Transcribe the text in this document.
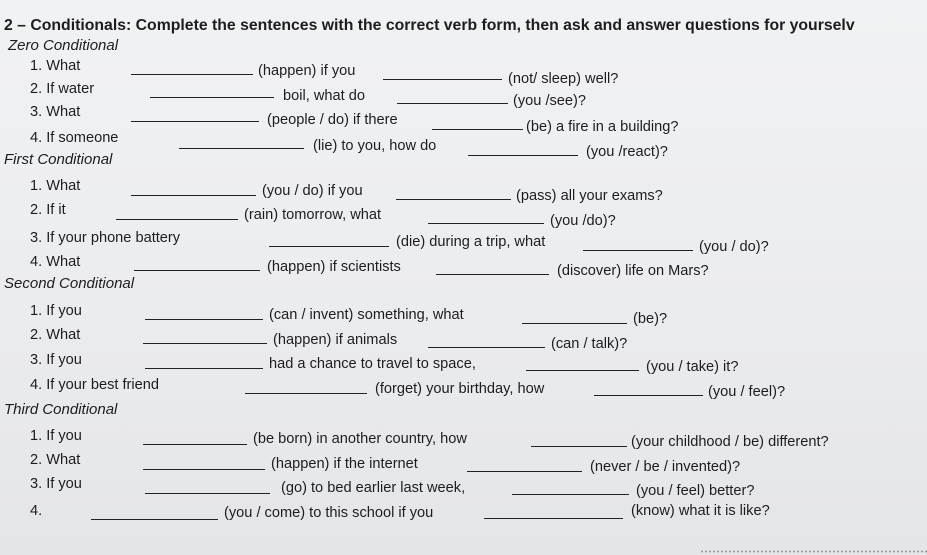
2 – Conditionals: Complete the sentences with the correct verb form, then ask and answer questions for yourselv
Zero Conditional
1. What	(happen) if you	(not/ sleep) well?
2. If water	boil, what do	(you /see)?
3. What	(people / do) if there	(be) a fire in a building?
4. If someone	(lie) to you, how do	(you /react)?
First Conditional
1. What	(you / do) if you	(pass) all your exams?
2. If it	(rain) tomorrow, what	(you /do)?
3. If your phone battery	(die) during a trip, what	(you / do)?
4. What	(happen) if scientists	(discover) life on Mars?
Second Conditional
1. If you	(can / invent) something, what	(be)?
2. What	(happen) if animals	(can / talk)?
3. If you	had a chance to travel to space,	(you / take) it?
4. If your best friend	(forget) your birthday, how	(you / feel)?
Third Conditional
1. If you	(be born) in another country, how	(your childhood / be) different?
2. What	(happen) if the internet	(never / be / invented)?
3. If you	(go) to bed earlier last week,	(you / feel) better?
4.	(you / come) to this school if you	(know) what it is like?
